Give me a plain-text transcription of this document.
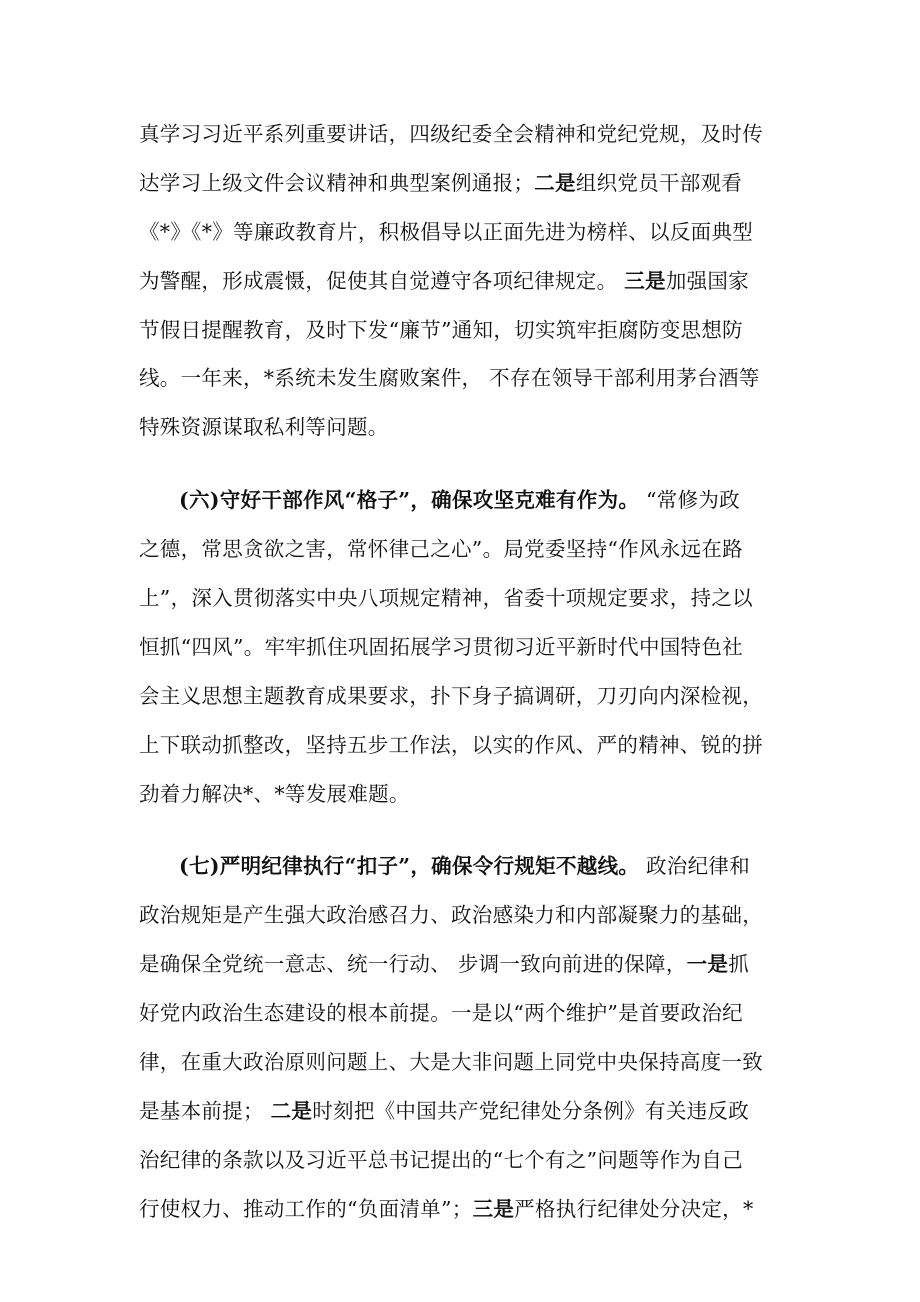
真学习习近平系列重要讲话，四级纪委全会精神和党纪党规，及时传
达学习上级文件会议精神和典型案例通报；二是组织党员干部观看
《*》《*》等廉政教育片，积极倡导以正面先进为榜样、以反面典型
为警醒，形成震慑，促使其自觉遵守各项纪律规定。 三是加强国家
节假日提醒教育，及时下发“廉节”通知，切实筑牢拒腐防变思想防
线。一年来，*系统未发生腐败案件， 不存在领导干部利用茅台酒等
特殊资源谋取私利等问题。
(六)守好干部作风“格子”，确保攻坚克难有作为。 “常修为政
之德，常思贪欲之害，常怀律己之心”。局党委坚持“作风永远在路
上”，深入贯彻落实中央八项规定精神，省委十项规定要求，持之以
恒抓“四风”。牢牢抓住巩固拓展学习贯彻习近平新时代中国特色社
会主义思想主题教育成果要求，扑下身子搞调研，刀刃向内深检视，
上下联动抓整改，坚持五步工作法，以实的作风、严的精神、锐的拼
劲着力解决*、*等发展难题。
(七)严明纪律执行“扣子”，确保令行规矩不越线。 政治纪律和
政治规矩是产生强大政治感召力、政治感染力和内部凝聚力的基础，
是确保全党统一意志、统一行动、 步调一致向前进的保障，一是抓
好党内政治生态建设的根本前提。一是以“两个维护”是首要政治纪
律，在重大政治原则问题上、大是大非问题上同党中央保持高度一致
是基本前提； 二是时刻把《中国共产党纪律处分条例》有关违反政
治纪律的条款以及习近平总书记提出的“七个有之”问题等作为自己
行使权力、推动工作的“负面清单”；三是严格执行纪律处分决定，*
